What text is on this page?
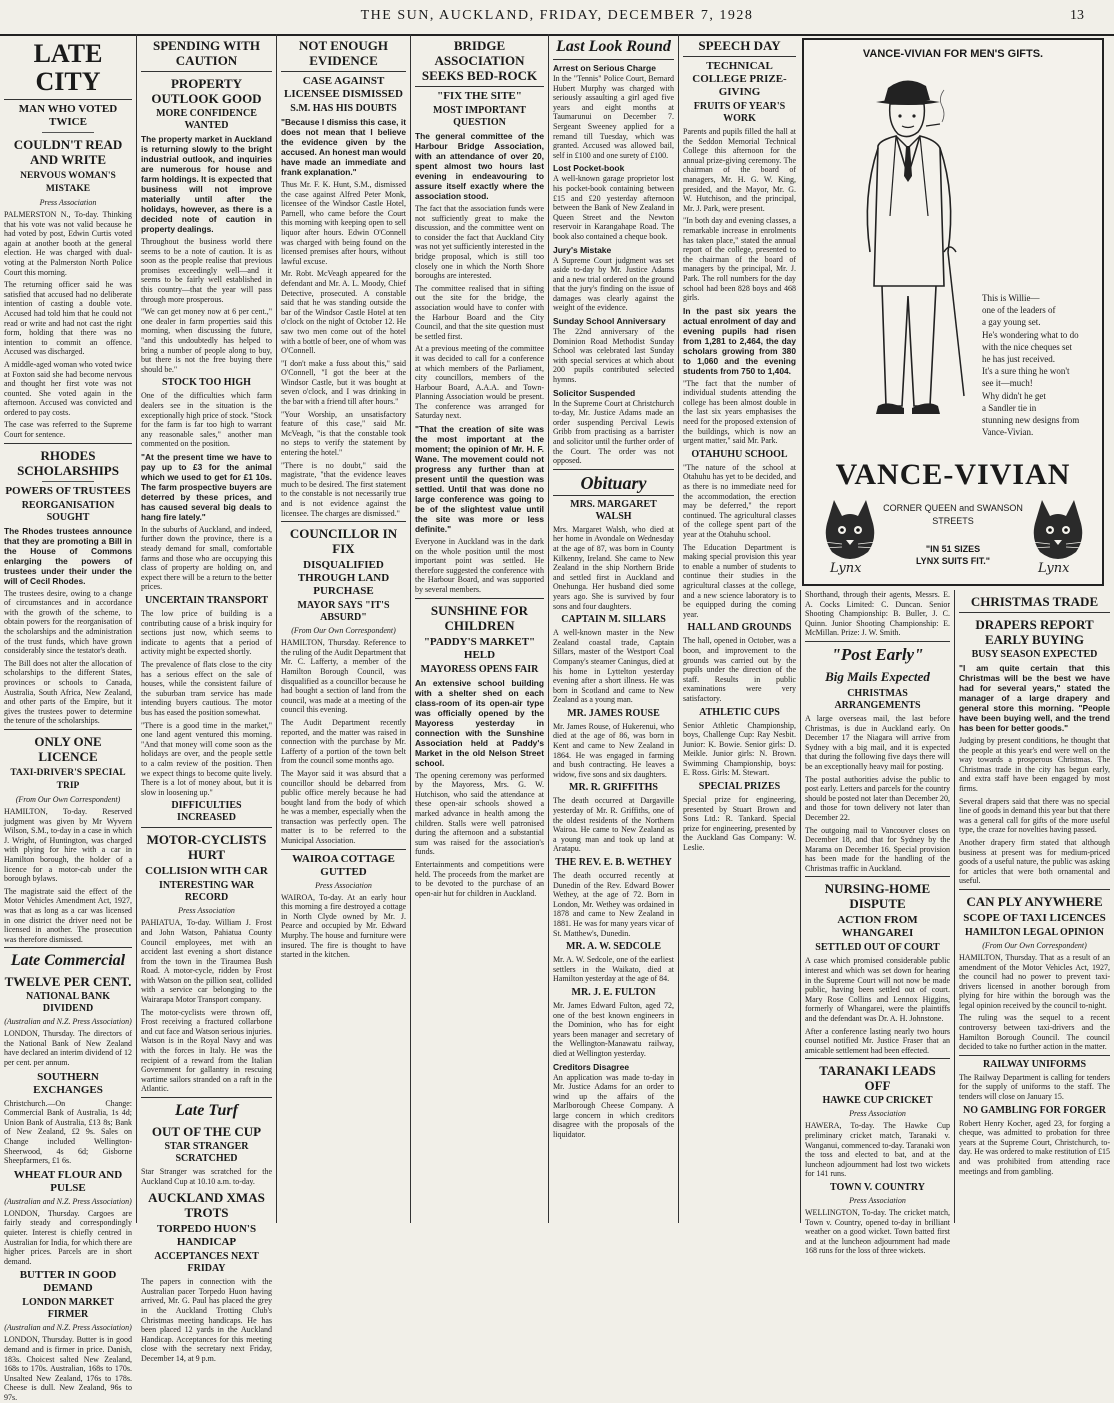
THE SUN, AUCKLAND, FRIDAY, DECEMBER 7, 1928	13
LATE CITY
MAN WHO VOTED TWICE
COULDN'T READ AND WRITE
NERVOUS WOMAN'S MISTAKE
Press Association

PALMERSTON N., To-day. Thinking that his vote was not valid because he had voted by post, Edwin Curtis voted again at another booth at the general election. He was charged with dual-voting at the Palmerston North Police Court this morning.

The returning officer said he was satisfied that accused had no deliberate intention of casting a double vote. Accused had told him that he could not read or write and had not cast the right form, holding that there was no intention to commit an offence. Accused was discharged.

A middle-aged woman who voted twice at Foxton said she had become nervous and thought her first vote was not counted. She voted again in the afternoon. Accused was convicted and ordered to pay costs.

The case was referred to the Supreme Court for sentence.

RHODES SCHOLARSHIPS
POWERS OF TRUSTEES
REORGANISATION SOUGHT

The Rhodes trustees announce that they are promoting a Bill in the House of Commons enlarging the powers of trustees under their under the will of Cecil Rhodes.

The trustees desire, owing to a change of circumstances and in accordance with the growth of the scheme, to obtain powers for the reorganisation of the scholarships and the administration of the trust funds, which have grown considerably since the testator's death.

The Bill does not alter the allocation of scholarships to the different States, provinces or schools to Canada, Australia, South Africa, New Zealand, and other parts of the Empire, but it gives the trustees power to determine the tenure of the scholarships.

ONLY ONE LICENCE
TAXI-DRIVER'S SPECIAL TRIP
(From Our Own Correspondent)

HAMILTON, To-day. Reserved judgment was given by Mr Wyvern Wilson, S.M., to-day in a case in which J. Wright, of Huntington, was charged with plying for hire with a car in Hamilton borough, the holder of a licence for a motor-cab under the borough bylaws.

The magistrate said the effect of the Motor Vehicles Amendment Act, 1927, was that as long as a car was licensed in one district the driver need not be licensed in another. The prosecution was therefore dismissed.

Late Commercial
TWELVE PER CENT.
NATIONAL BANK DIVIDEND
(Australian and N.Z. Press Association)

LONDON, Thursday. The directors of the National Bank of New Zealand have declared an interim dividend of 12 per cent. per annum.

SOUTHERN EXCHANGES

Christchurch.—On Change: Commercial Bank of Australia, 1s 4d; Union Bank of Australia, £13 8s; Bank of New Zealand, £2 9s. Sales on Change included Wellington-Sheerwood, 4s 6d; Gisborne Sheepfarmers, £1 6s.

WHEAT FLOUR AND PULSE
(Australian and N.Z. Press Association)

LONDON, Thursday. Cargoes are fairly steady and correspondingly quieter. Interest is chiefly centred in Australian for India, for which there are higher prices. Parcels are in short demand.

BUTTER IN GOOD DEMAND
LONDON MARKET FIRMER
(Australian and N.Z. Press Association)

LONDON, Thursday. Butter is in good demand and is firmer in price. Danish, 183s. Choicest salted New Zealand, 168s to 170s. Australian, 168s to 170s. Unsalted New Zealand, 176s to 178s. Cheese is dull. New Zealand, 96s to 97s.

SPENDING WITH CAUTION
PROPERTY OUTLOOK GOOD
MORE CONFIDENCE WANTED

The property market in Auckland is returning slowly to the bright industrial outlook, and inquiries are numerous for house and farm holdings. It is expected that business will not improve materially until after the holidays, however, as there is a decided note of caution in property dealings.

Throughout the business world there seems to be a note of caution. It is as soon as the people realise that previous promises exceedingly well—and it seems to be fairly well established in this country—that the year will pass through more prosperous.

"We can get money now at 6 per cent.," one dealer in farm properties said this morning, when discussing the future, "and this undoubtedly has helped to bring a number of people along to buy, but there is not the free buying there should be."

STOCK TOO HIGH

One of the difficulties which farm dealers see in the situation is the exceptionally high price of stock. "Stock for the farm is far too high to warrant any reasonable sales," another man commented on the position.

"At the present time we have to pay up to £3 for the animal which we used to get for £1 10s. The farm prospective buyers are deterred by these prices, and has caused several big deals to hang fire lately."

In the suburbs of Auckland, and indeed, further down the province, there is a steady demand for small, comfortable farms and those who are occupying this class of property are holding on, and expect there will be a return to the better prices.

UNCERTAIN TRANSPORT

The low price of building is a contributing cause of a brisk inquiry for sections just now, which seems to indicate to agents that a period of activity might be expected shortly.

The prevalence of flats close to the city has a serious effect on the sale of houses, while the consistent failure of the suburban tram service has made intending buyers cautious. The motor bus has eased the position somewhat.

"There is a good time in the market," one land agent ventured this morning. "And that money will come soon as the holidays are over, and the people settle to a calm review of the position. Then we expect things to become quite lively. There is a lot of money about, but it is slow in loosening up."

DIFFICULTIES INCREASED
MOTOR-CYCLISTS HURT
COLLISION WITH CAR
INTERESTING WAR RECORD
Press Association

PAHIATUA, To-day. William J. Frost and John Watson, Pahiatua County Council employees, met with an accident last evening a short distance from the town in the Tiraumea Bush Road. A motor-cycle, ridden by Frost with Watson on the pillion seat, collided with a service car belonging to the Wairarapa Motor Transport company.

The motor-cyclists were thrown off, Frost receiving a fractured collarbone and cut face and Watson serious injuries. Watson is in the Royal Navy and was with the forces in Italy. He was the recipient of a reward from the Italian Government for gallantry in rescuing wartime sailors stranded on a raft in the Atlantic.

Late Turf
OUT OF THE CUP
STAR STRANGER SCRATCHED

Star Stranger was scratched for the Auckland Cup at 10.10 a.m. to-day.

AUCKLAND XMAS TROTS
TORPEDO HUON'S HANDICAP
ACCEPTANCES NEXT FRIDAY

The papers in connection with the Australian pacer Torpedo Huon having arrived, Mr. G. Paul has placed the grey in the Auckland Trotting Club's Christmas meeting handicaps. He has been placed 12 yards in the Auckland Handicap. Acceptances for this meeting close with the secretary next Friday, December 14, at 9 p.m.

NOT ENOUGH EVIDENCE
CASE AGAINST LICENSEE DISMISSED
S.M. HAS HIS DOUBTS

"Because I dismiss this case, it does not mean that I believe the evidence given by the accused. An honest man would have made an immediate and frank explanation."

Thus Mr. F. K. Hunt, S.M., dismissed the case against Alfred Peter Monk, licensee of the Windsor Castle Hotel, Parnell, who came before the Court this morning with keeping open to sell liquor after hours. Edwin O'Connell was charged with being found on the licensed premises after hours, without lawful excuse.

Mr. Robt. McVeagh appeared for the defendant and Mr. A. L. Moody, Chief Detective, prosecuted. A constable said that he was standing outside the bar of the Windsor Castle Hotel at ten o'clock on the night of October 12. He saw two men come out of the hotel with a bottle of beer, one of whom was O'Connell.

"I don't make a fuss about this," said O'Connell, "I got the beer at the Windsor Castle, but it was bought at seven o'clock, and I was drinking in the bar with a friend till after hours."

"Your Worship, an unsatisfactory feature of this case," said Mr. McVeagh, "is that the constable took no steps to verify the statement by entering the hotel."

"There is no doubt," said the magistrate, "that the evidence leaves much to be desired. The first statement to the constable is not necessarily true and is not evidence against the licensee. The charges are dismissed."

COUNCILLOR IN FIX
DISQUALIFIED THROUGH LAND PURCHASE
MAYOR SAYS "IT'S ABSURD"
(From Our Own Correspondent)

HAMILTON, Thursday. Reference to the ruling of the Audit Department that Mr. C. Lafferty, a member of the Hamilton Borough Council, was disqualified as a councillor because he had bought a section of land from the council, was made at a meeting of the council this evening.

The Audit Department recently reported, and the matter was raised in connection with the purchase by Mr. Lafferty of a portion of the town belt from the council some months ago.

The Mayor said it was absurd that a councillor should be debarred from public office merely because he had bought land from the body of which he was a member, especially when the transaction was perfectly open. The matter is to be referred to the Municipal Association.

WAIROA COTTAGE GUTTED
Press Association

WAIROA, To-day. At an early hour this morning a fire destroyed a cottage in North Clyde owned by Mr. J. Pearce and occupied by Mr. Edward Murphy. The house and furniture were insured. The fire is thought to have started in the kitchen.

BRIDGE ASSOCIATION SEEKS BED-ROCK
"FIX THE SITE"
MOST IMPORTANT QUESTION

The general committee of the Harbour Bridge Association, with an attendance of over 20, spent almost two hours last evening in endeavouring to assure itself exactly where the association stood.

The fact that the association funds were not sufficiently great to make the discussion, and the committee went on to consider the fact that Auckland City was not yet sufficiently interested in the bridge proposal, which is still too closely one in which the North Shore boroughs are interested.

The committee realised that in sifting out the site for the bridge, the association would have to confer with the Harbour Board and the City Council, and that the site question must be settled first.

At a previous meeting of the committee it was decided to call for a conference at which members of the Parliament, city councillors, members of the Harbour Board, A.A.A. and Town-Planning Association would be present. The conference was arranged for Saturday next.

"That the creation of site was the most important at the moment; the opinion of Mr. H. F. Wane. The movement could not progress any further than at present until the question was settled. Until that was done no large conference was going to be of the slightest value until the site was more or less definite."

Everyone in Auckland was in the dark on the whole position until the most important point was settled. He therefore suggested the conference with the Harbour Board, and was supported by several members.

SUNSHINE FOR CHILDREN
"PADDY'S MARKET" HELD
MAYORESS OPENS FAIR

An extensive school building with a shelter shed on each class-room of its open-air type was officially opened by the Mayoress yesterday in connection with the Sunshine Association held at Paddy's Market in the old Nelson Street school.

The opening ceremony was performed by the Mayoress, Mrs. G. W. Hutchison, who said the attendance at these open-air schools showed a marked advance in health among the children. Stalls were well patronised during the afternoon and a substantial sum was raised for the association's funds.

Entertainments and competitions were held. The proceeds from the market are to be devoted to the purchase of an open-air hut for children in Auckland.

Last Look Round
Arrest on Serious Charge

In the "Tennis" Police Court, Bernard Hubert Murphy was charged with seriously assaulting a girl aged five years and eight months at Taumarunui on December 7. Sergeant Sweeney applied for a remand till Tuesday, which was granted. Accused was allowed bail, self in £100 and one surety of £100.

Lost Pocket-book

A well-known garage proprietor lost his pocket-book containing between £15 and £20 yesterday afternoon between the Bank of New Zealand in Queen Street and the Newton reservoir in Karangahape Road. The book also contained a cheque book.

Jury's Mistake

A Supreme Court judgment was set aside to-day by Mr. Justice Adams and a new trial ordered on the ground that the jury's finding on the issue of damages was clearly against the weight of the evidence.

Sunday School Anniversary

The 22nd anniversary of the Dominion Road Methodist Sunday School was celebrated last Sunday with special services at which about 200 pupils contributed selected hymns.

Solicitor Suspended

In the Supreme Court at Christchurch to-day, Mr. Justice Adams made an order suspending Percival Lewis Gribb from practising as a barrister and solicitor until the further order of the Court. The order was not opposed.

Obituary
MRS. MARGARET WALSH

Mrs. Margaret Walsh, who died at her home in Avondale on Wednesday at the age of 87, was born in County Kilkenny, Ireland. She came to New Zealand in the ship Northern Bride and settled first in Auckland and Onehunga. Her husband died some years ago. She is survived by four sons and four daughters.

CAPTAIN M. SILLARS

A well-known master in the New Zealand coastal trade, Captain Sillars, master of the Westport Coal Company's steamer Caningus, died at his home in Lyttelton yesterday evening after a short illness. He was born in Scotland and came to New Zealand as a young man.

MR. JAMES ROUSE

Mr. James Rouse, of Hukerenui, who died at the age of 86, was born in Kent and came to New Zealand in 1864. He was engaged in farming and bush contracting. He leaves a widow, five sons and six daughters.

MR. R. GRIFFITHS

The death occurred at Dargaville yesterday of Mr. R. Griffiths, one of the oldest residents of the Northern Wairoa. He came to New Zealand as a young man and took up land at Aratapu.

THE REV. E. B. WETHEY

The death occurred recently at Dunedin of the Rev. Edward Bower Wethey, at the age of 72. Born in London, Mr. Wethey was ordained in 1878 and came to New Zealand in 1881. He was for many years vicar of St. Matthew's, Dunedin.

MR. A. W. SEDCOLE

Mr. A. W. Sedcole, one of the earliest settlers in the Waikato, died at Hamilton yesterday at the age of 84.

MR. J. E. FULTON

Mr. James Edward Fulton, aged 72, one of the best known engineers in the Dominion, who has for eight years been manager and secretary of the Wellington-Manawatu railway, died at Wellington yesterday.

Creditors Disagree

An application was made to-day in Mr. Justice Adams for an order to wind up the affairs of the Marlborough Cheese Company. A large concern in which creditors disagree with the proposals of the liquidator.

SPEECH DAY
TECHNICAL COLLEGE PRIZE-GIVING
FRUITS OF YEAR'S WORK

Parents and pupils filled the hall at the Seddon Memorial Technical College this afternoon for the annual prize-giving ceremony. The chairman of the board of managers, Mr. H. G. W. King, presided, and the Mayor, Mr. G. W. Hutchison, and the principal, Mr. J. Park, were present.

"In both day and evening classes, a remarkable increase in enrolments has taken place," stated the annual report of the college, presented to the chairman of the board of managers by the principal, Mr. J. Park. The roll numbers for the day school had been 828 boys and 468 girls.

In the past six years the actual enrolment of day and evening pupils had risen from 1,281 to 2,464, the day scholars growing from 380 to 1,060 and the evening students from 750 to 1,404.

"The fact that the number of individual students attending the college has been almost double in the last six years emphasises the need for the proposed extension of the buildings, which is now an urgent matter," said Mr. Park.

OTAHUHU SCHOOL

"The nature of the school at Otahuhu has yet to be decided, and as there is no immediate need for the accommodation, the erection may be deferred," the report continued. The agricultural classes of the college spent part of the year at the Otahuhu school.

The Education Department is making special provision this year to enable a number of students to continue their studies in the agricultural classes at the college, and a new science laboratory is to be equipped during the coming year.

HALL AND GROUNDS

The hall, opened in October, was a boon, and improvement to the grounds was carried out by the pupils under the direction of the staff. Results in public examinations were very satisfactory.

ATHLETIC CUPS

Senior Athletic Championship, boys, Challenge Cup: Ray Nesbit. Junior: K. Bowie. Senior girls: D. Meikle. Junior girls: N. Brown. Swimming Championship, boys: E. Ross. Girls: M. Stewart.

SPECIAL PRIZES

Special prize for engineering, presented by Stuart Brown and Sons Ltd.: R. Tankard. Special prize for engineering, presented by the Auckland Gas Company: W. Leslie.

VANCE-VIVIAN FOR MEN'S GIFTS.
This is Willie—
one of the leaders of
a gay young set.
He's wondering what to do
with the nice cheques set
he has just received.
It's a sure thing he won't
see it—much!
Why didn't he get
a Sandler tie in
stunning new designs from
Vance-Vivian.
VANCE-VIVIAN
CORNER QUEEN and SWANSON
STREETS
Lynx	Lynx
"IN 51 SIZES
LYNX SUITS FIT."

Shorthand, through their agents, Messrs. E. A. Cocks Limited: C. Duncan. Senior Shooting Championship: B. Buller, J. C. Quinn. Junior Shooting Championship: E. McMillan. Prize: J. W. Smith.

"Post Early"
Big Mails Expected
CHRISTMAS ARRANGEMENTS

A large overseas mail, the last before Christmas, is due in Auckland early. On December 17 the Niagara will arrive from Sydney with a big mail, and it is expected that during the following five days there will be an exceptionally heavy mail for posting.

The postal authorities advise the public to post early. Letters and parcels for the country should be posted not later than December 20, and those for town delivery not later than December 22.

The outgoing mail to Vancouver closes on December 18, and that for Sydney by the Marama on December 16. Special provision has been made for the handling of the Christmas traffic in Auckland.

NURSING-HOME DISPUTE
ACTION FROM WHANGAREI
SETTLED OUT OF COURT

A case which promised considerable public interest and which was set down for hearing in the Supreme Court will not now be made public, having been settled out of court. Mary Rose Collins and Lennox Higgins, formerly of Whangarei, were the plaintiffs and the defendant was Dr. A. H. Johnstone.

After a conference lasting nearly two hours counsel notified Mr. Justice Fraser that an amicable settlement had been effected.

TARANAKI LEADS OFF
HAWKE CUP CRICKET
Press Association

HAWERA, To-day. The Hawke Cup preliminary cricket match, Taranaki v. Wanganui, commenced to-day. Taranaki won the toss and elected to bat, and at the luncheon adjournment had lost two wickets for 141 runs.

TOWN V. COUNTRY
Press Association

WELLINGTON, To-day. The cricket match, Town v. Country, opened to-day in brilliant weather on a good wicket. Town batted first and at the luncheon adjournment had made 168 runs for the loss of three wickets.

CHRISTMAS TRADE
DRAPERS REPORT EARLY BUYING
BUSY SEASON EXPECTED

"I am quite certain that this Christmas will be the best we have had for several years," stated the manager of a large drapery and general store this morning. "People have been buying well, and the trend has been for better goods."

Judging by present conditions, he thought that the people at this year's end were well on the way towards a prosperous Christmas. The Christmas trade in the city has begun early, and extra staff have been engaged by most firms.

Several drapers said that there was no special line of goods in demand this year but that there was a general call for gifts of the more useful type, the craze for novelties having passed.

Another drapery firm stated that although business at present was for medium-priced goods of a useful nature, the public was asking for articles that were both ornamental and useful.

CAN PLY ANYWHERE
SCOPE OF TAXI LICENCES
HAMILTON LEGAL OPINION
(From Our Own Correspondent)

HAMILTON, Thursday. That as a result of an amendment of the Motor Vehicles Act, 1927, the council had no power to prevent taxi-drivers licensed in another borough from plying for hire within the borough was the legal opinion received by the council to-night.

The ruling was the sequel to a recent controversy between taxi-drivers and the Hamilton Borough Council. The council decided to take no further action in the matter.

RAILWAY UNIFORMS

The Railway Department is calling for tenders for the supply of uniforms to the staff. The tenders will close on January 15.

NO GAMBLING FOR FORGER

Robert Henry Kocher, aged 23, for forging a cheque, was admitted to probation for three years at the Supreme Court, Christchurch, to-day. He was ordered to make restitution of £15 and was prohibited from attending race meetings and from gambling.
